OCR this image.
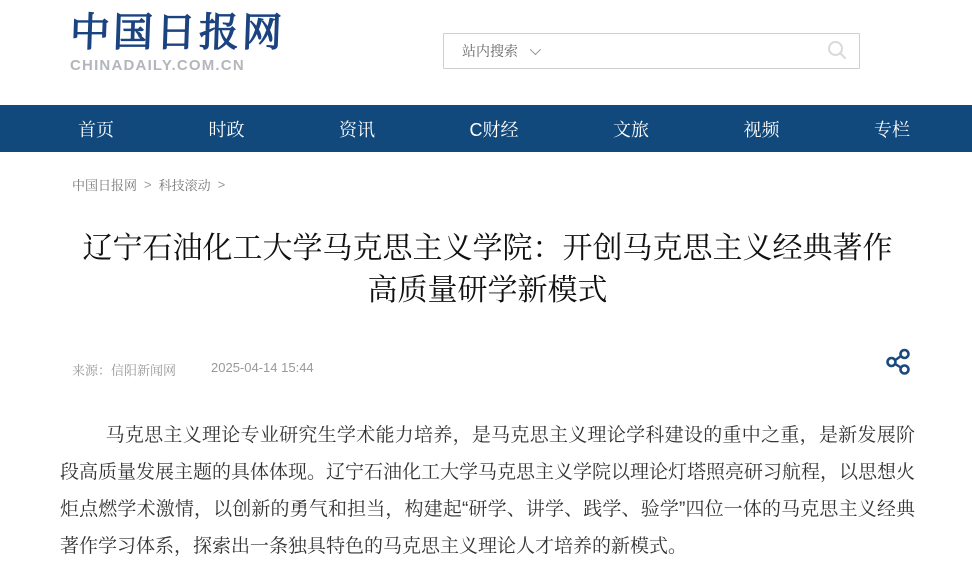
中国日报网
CHINADAILY.COM.CN
站内搜索
首页	时政	资讯	C财经	文旅	视频	专栏
中国日报网 > 科技滚动 >
辽宁石油化工大学马克思主义学院：开创马克思主义经典著作高质量研学新模式
来源：信阳新闻网	2025-04-14 15:44

马克思主义理论专业研究生学术能力培养，是马克思主义理论学科建设的重中之重，是新发展阶段高质量发展主题的具体体现。辽宁石油化工大学马克思主义学院以理论灯塔照亮研习航程，以思想火炬点燃学术激情，以创新的勇气和担当，构建起“研学、讲学、践学、验学”四位一体的马克思主义经典著作学习体系，探索出一条独具特色的马克思主义理论人才培养的新模式。
